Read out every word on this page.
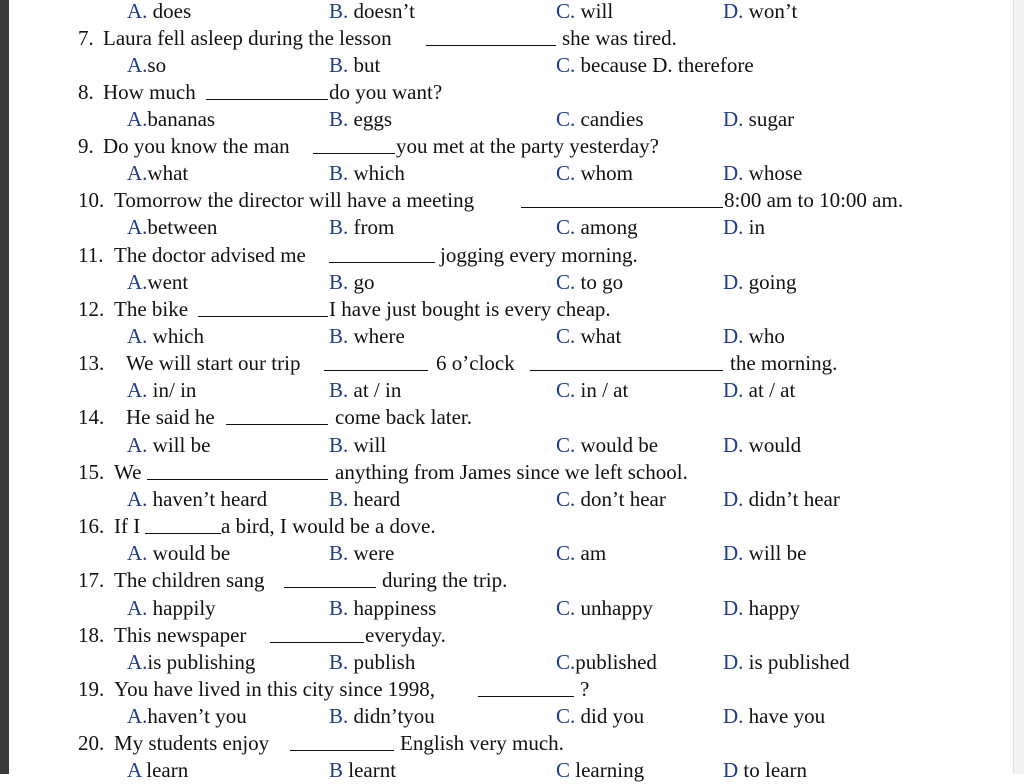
A. does	B. doesn’t	C. will	D. won’t
7. Laura fell asleep during the lesson	she was tired.
A.so	B. but	C. because D. therefore
8. How much	do you want?
A.bananas	B. eggs	C. candies	D. sugar
9. Do you know the man	you met at the party yesterday?
A.what	B. which	C. whom	D. whose
10. Tomorrow the director will have a meeting	8:00 am to 10:00 am.
A.between	B. from	C. among	D. in
11. The doctor advised me	jogging every morning.
A.went	B. go	C. to go	D. going
12. The bike	I have just bought is every cheap.
A. which	B. where	C. what	D. who
13. We will start our trip	6 o’clock	the morning.
A. in/ in	B. at / in	C. in / at	D. at / at
14. He said he	come back later.
A. will be	B. will	C. would be	D. would
15. We	anything from James since we left school.
A. haven’t heard	B. heard	C. don’t hear	D. didn’t hear
16. If I	a bird, I would be a dove.
A. would be	B. were	C. am	D. will be
17. The children sang	during the trip.
A. happily	B. happiness	C. unhappy	D. happy
18. This newspaper	everyday.
A.is publishing	B. publish	C.published	D. is published
19. You have lived in this city since 1998,	?
A.haven’t you	B. didn’tyou	C. did you	D. have you
20. My students enjoy	English very much.
A learn	B learnt	C learning	D to learn
